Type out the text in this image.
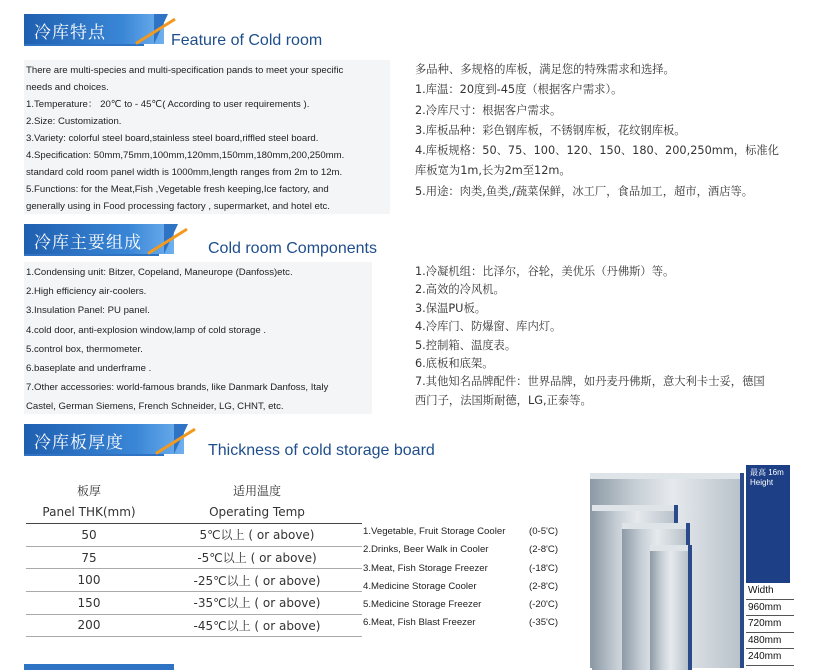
冷库特点	Feature of Cold room
There are multi-species and multi-specification pands to meet your specific
needs and choices.
1.Temperature： 20℃ to - 45℃( According to user requirements ).
2.Size: Customization.
3.Variety: colorful steel board,stainless steel board,riffled steel board.
4.Specification: 50mm,75mm,100mm,120mm,150mm,180mm,200,250mm.
standard cold room panel width is 1000mm,length ranges from 2m to 12m.
5.Functions: for the Meat,Fish ,Vegetable fresh keeping,Ice factory, and
generally using in Food processing factory , supermarket, and hotel etc.
多品种、多规格的库板，满足您的特殊需求和选择。
1.库温：20度到-45度（根据客户需求）。
2.冷库尺寸：根据客户需求。
3.库板品种：彩色钢库板，不锈钢库板，花纹钢库板。
4.库板规格：50、75、100、120、150、180、200,250mm，标准化
库板宽为1m,长为2m至12m。
5.用途：肉类,鱼类,/蔬菜保鲜，冰工厂，食品加工，超市，酒店等。
冷库主要组成	Cold room Components
1.Condensing unit: Bitzer, Copeland, Maneurope (Danfoss)etc.
2.High efficiency air-coolers.
3.Insulation Panel: PU panel.
4.cold door, anti-explosion window,lamp of cold storage .
5.control box, thermometer.
6.baseplate and underframe .
7.Other accessories: world-famous brands, like Danmark Danfoss, Italy
Castel, German Siemens, French Schneider, LG, CHNT, etc.
1.冷凝机组：比泽尔，谷轮，美优乐（丹佛斯）等。
2.高效的冷风机。
3.保温PU板。
4.冷库门、防爆窗、库内灯。
5.控制箱、温度表。
6.底板和底架。
7.其他知名品牌配件：世界品牌，如丹麦丹佛斯，意大利卡士妥，德国
西门子，法国斯耐德，LG,正泰等。
冷库板厚度	Thickness of cold storage board
板厚	适用温度
Panel THK(mm)	Operating Temp
50	5℃以上 ( or above)
75	-5℃以上 ( or above)
100	-25℃以上 ( or above)
150	-35℃以上 ( or above)
200	-45℃以上 ( or above)
1.Vegetable, Fruit Storage Cooler (0-5'C)
2.Drinks, Beer Walk in Cooler	(2-8'C)
3.Meat, Fish Storage Freezer	(-18'C)
4.Medicine Storage Cooler	(2-8'C)
5.Medicine Storage Freezer	(-20'C)
6.Meat, Fish Blast Freezer	(-35'C)
最高 16m
Height
Width
960mm
720mm
480mm
240mm
